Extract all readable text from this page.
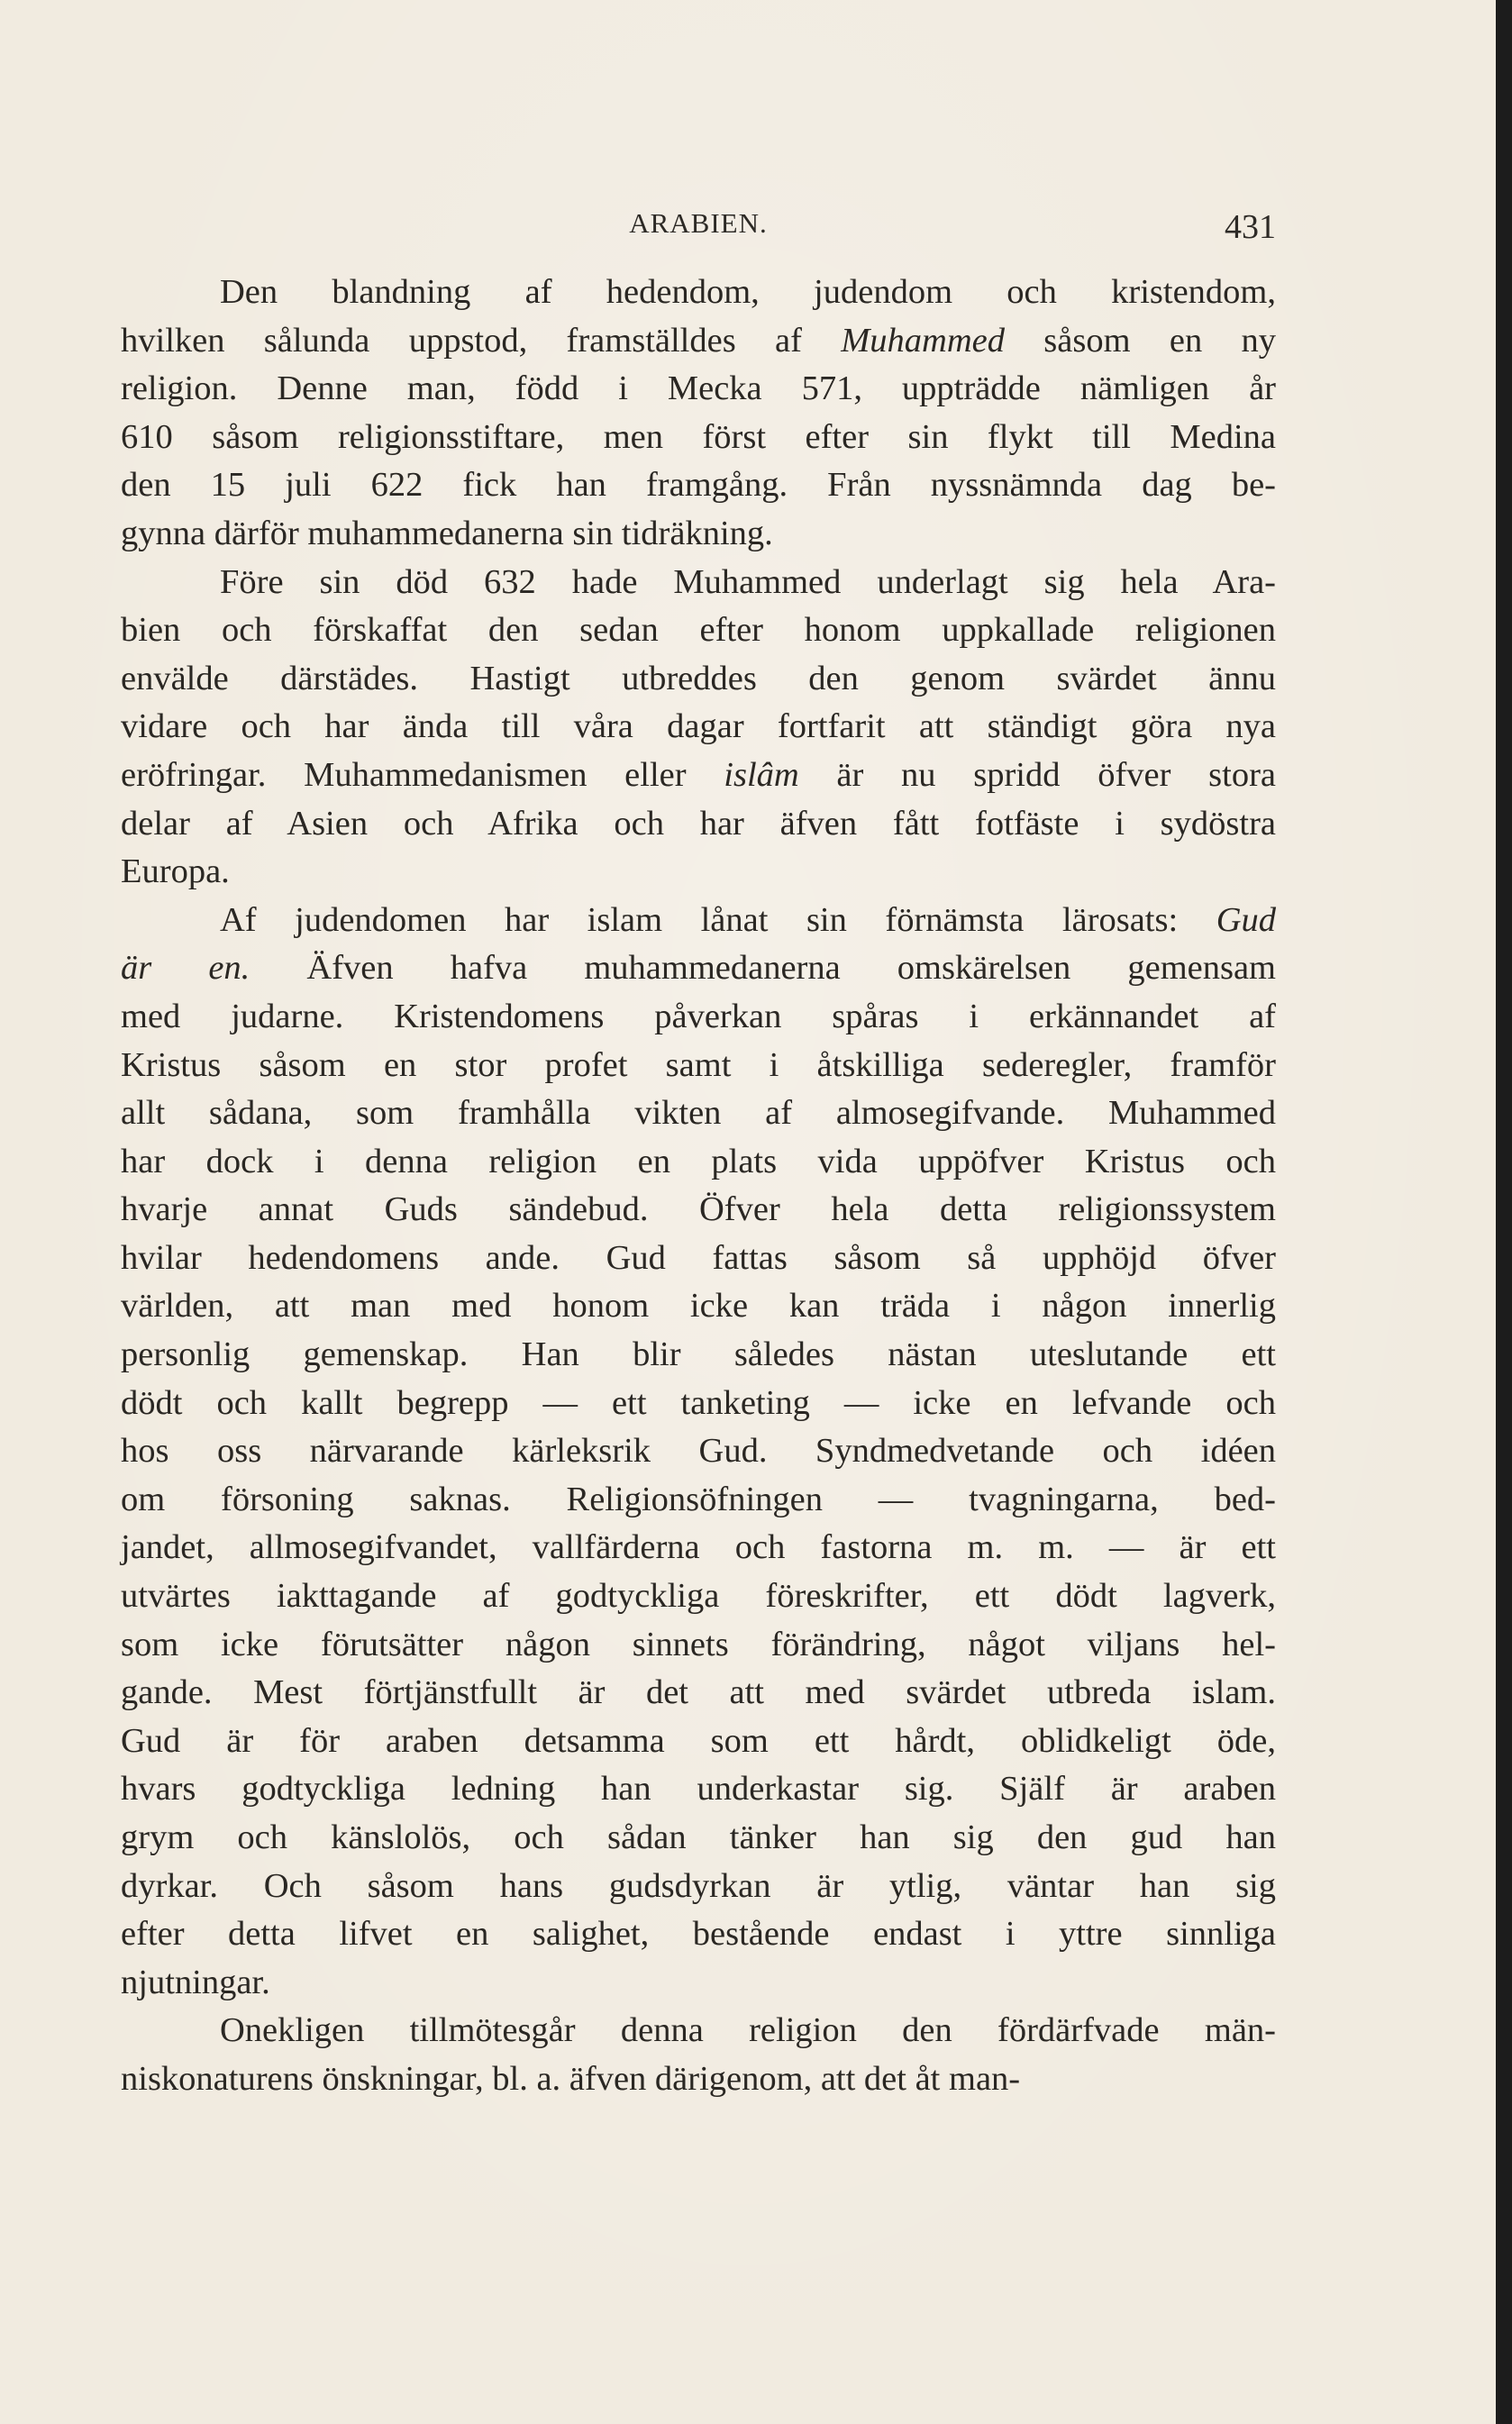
ARABIEN.	431
Den blandning af hedendom, judendom och kristendom,
hvilken sålunda uppstod, framställdes af Muhammed såsom en ny
religion. Denne man, född i Mecka 571, uppträdde nämligen år
610 såsom religionsstiftare, men först efter sin flykt till Medina
den 15 juli 622 fick han framgång. Från nyssnämnda dag be-
gynna därför muhammedanerna sin tidräkning.
Före sin död 632 hade Muhammed underlagt sig hela Ara-
bien och förskaffat den sedan efter honom uppkallade religionen
envälde därstädes. Hastigt utbreddes den genom svärdet ännu
vidare och har ända till våra dagar fortfarit att ständigt göra nya
eröfringar. Muhammedanismen eller islâm är nu spridd öfver stora
delar af Asien och Afrika och har äfven fått fotfäste i sydöstra
Europa.
Af judendomen har islam lånat sin förnämsta lärosats: Gud
är en. Äfven hafva muhammedanerna omskärelsen gemensam
med judarne. Kristendomens påverkan spåras i erkännandet af
Kristus såsom en stor profet samt i åtskilliga sederegler, framför
allt sådana, som framhålla vikten af almosegifvande. Muhammed
har dock i denna religion en plats vida uppöfver Kristus och
hvarje annat Guds sändebud. Öfver hela detta religionssystem
hvilar hedendomens ande. Gud fattas såsom så upphöjd öfver
världen, att man med honom icke kan träda i någon innerlig
personlig gemenskap. Han blir således nästan uteslutande ett
dödt och kallt begrepp — ett tanketing — icke en lefvande och
hos oss närvarande kärleksrik Gud. Syndmedvetande och idéen
om försoning saknas. Religionsöfningen — tvagningarna, bed-
jandet, allmosegifvandet, vallfärderna och fastorna m. m. — är ett
utvärtes iakttagande af godtyckliga föreskrifter, ett dödt lagverk,
som icke förutsätter någon sinnets förändring, något viljans hel-
gande. Mest förtjänstfullt är det att med svärdet utbreda islam.
Gud är för araben detsamma som ett hårdt, oblidkeligt öde,
hvars godtyckliga ledning han underkastar sig. Själf är araben
grym och känslolös, och sådan tänker han sig den gud han
dyrkar. Och såsom hans gudsdyrkan är ytlig, väntar han sig
efter detta lifvet en salighet, bestående endast i yttre sinnliga
njutningar.
Onekligen tillmötesgår denna religion den fördärfvade män-
niskonaturens önskningar, bl. a. äfven därigenom, att det åt man-
